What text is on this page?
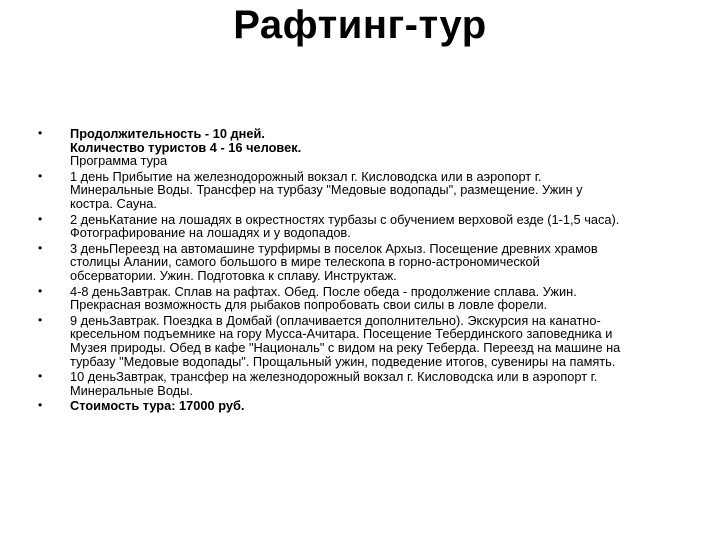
Рафтинг-тур
•	Продолжительность - 10 дней.
Количество туристов 4 - 16 человек.
Программа тура
•	1 день Прибытие на железнодорожный вокзал г. Кисловодска или в аэропорт г.
Минеральные Воды. Трансфер на турбазу "Медовые водопады", размещение. Ужин у
костра. Сауна.
•	2 деньКатание на лошадях в окрестностях турбазы с обучением верховой езде (1-1,5 часа).
Фотографирование на лошадях и у водопадов.
•	3 деньПереезд на автомашине турфирмы в поселок Архыз. Посещение древних храмов
столицы Алании, самого большого в мире телескопа в горно-астрономической
обсерватории. Ужин. Подготовка к сплаву. Инструктаж.
•	4-8 деньЗавтрак. Сплав на рафтах. Обед. После обеда - продолжение сплава. Ужин.
Прекрасная возможность для рыбаков попробовать свои силы в ловле форели.
•	9 деньЗавтрак. Поездка в Домбай (оплачивается дополнительно). Экскурсия на канатно-
кресельном подъемнике на гору Мусса-Ачитара. Посещение Тебердинского заповедника и
Музея природы. Обед в кафе "Националь" с видом на реку Теберда. Переезд на машине на
турбазу "Медовые водопады". Прощальный ужин, подведение итогов, сувениры на память.
•	10 деньЗавтрак, трансфер на железнодорожный вокзал г. Кисловодска или в аэропорт г.
Минеральные Воды.
•	Стоимость тура: 17000 руб.
